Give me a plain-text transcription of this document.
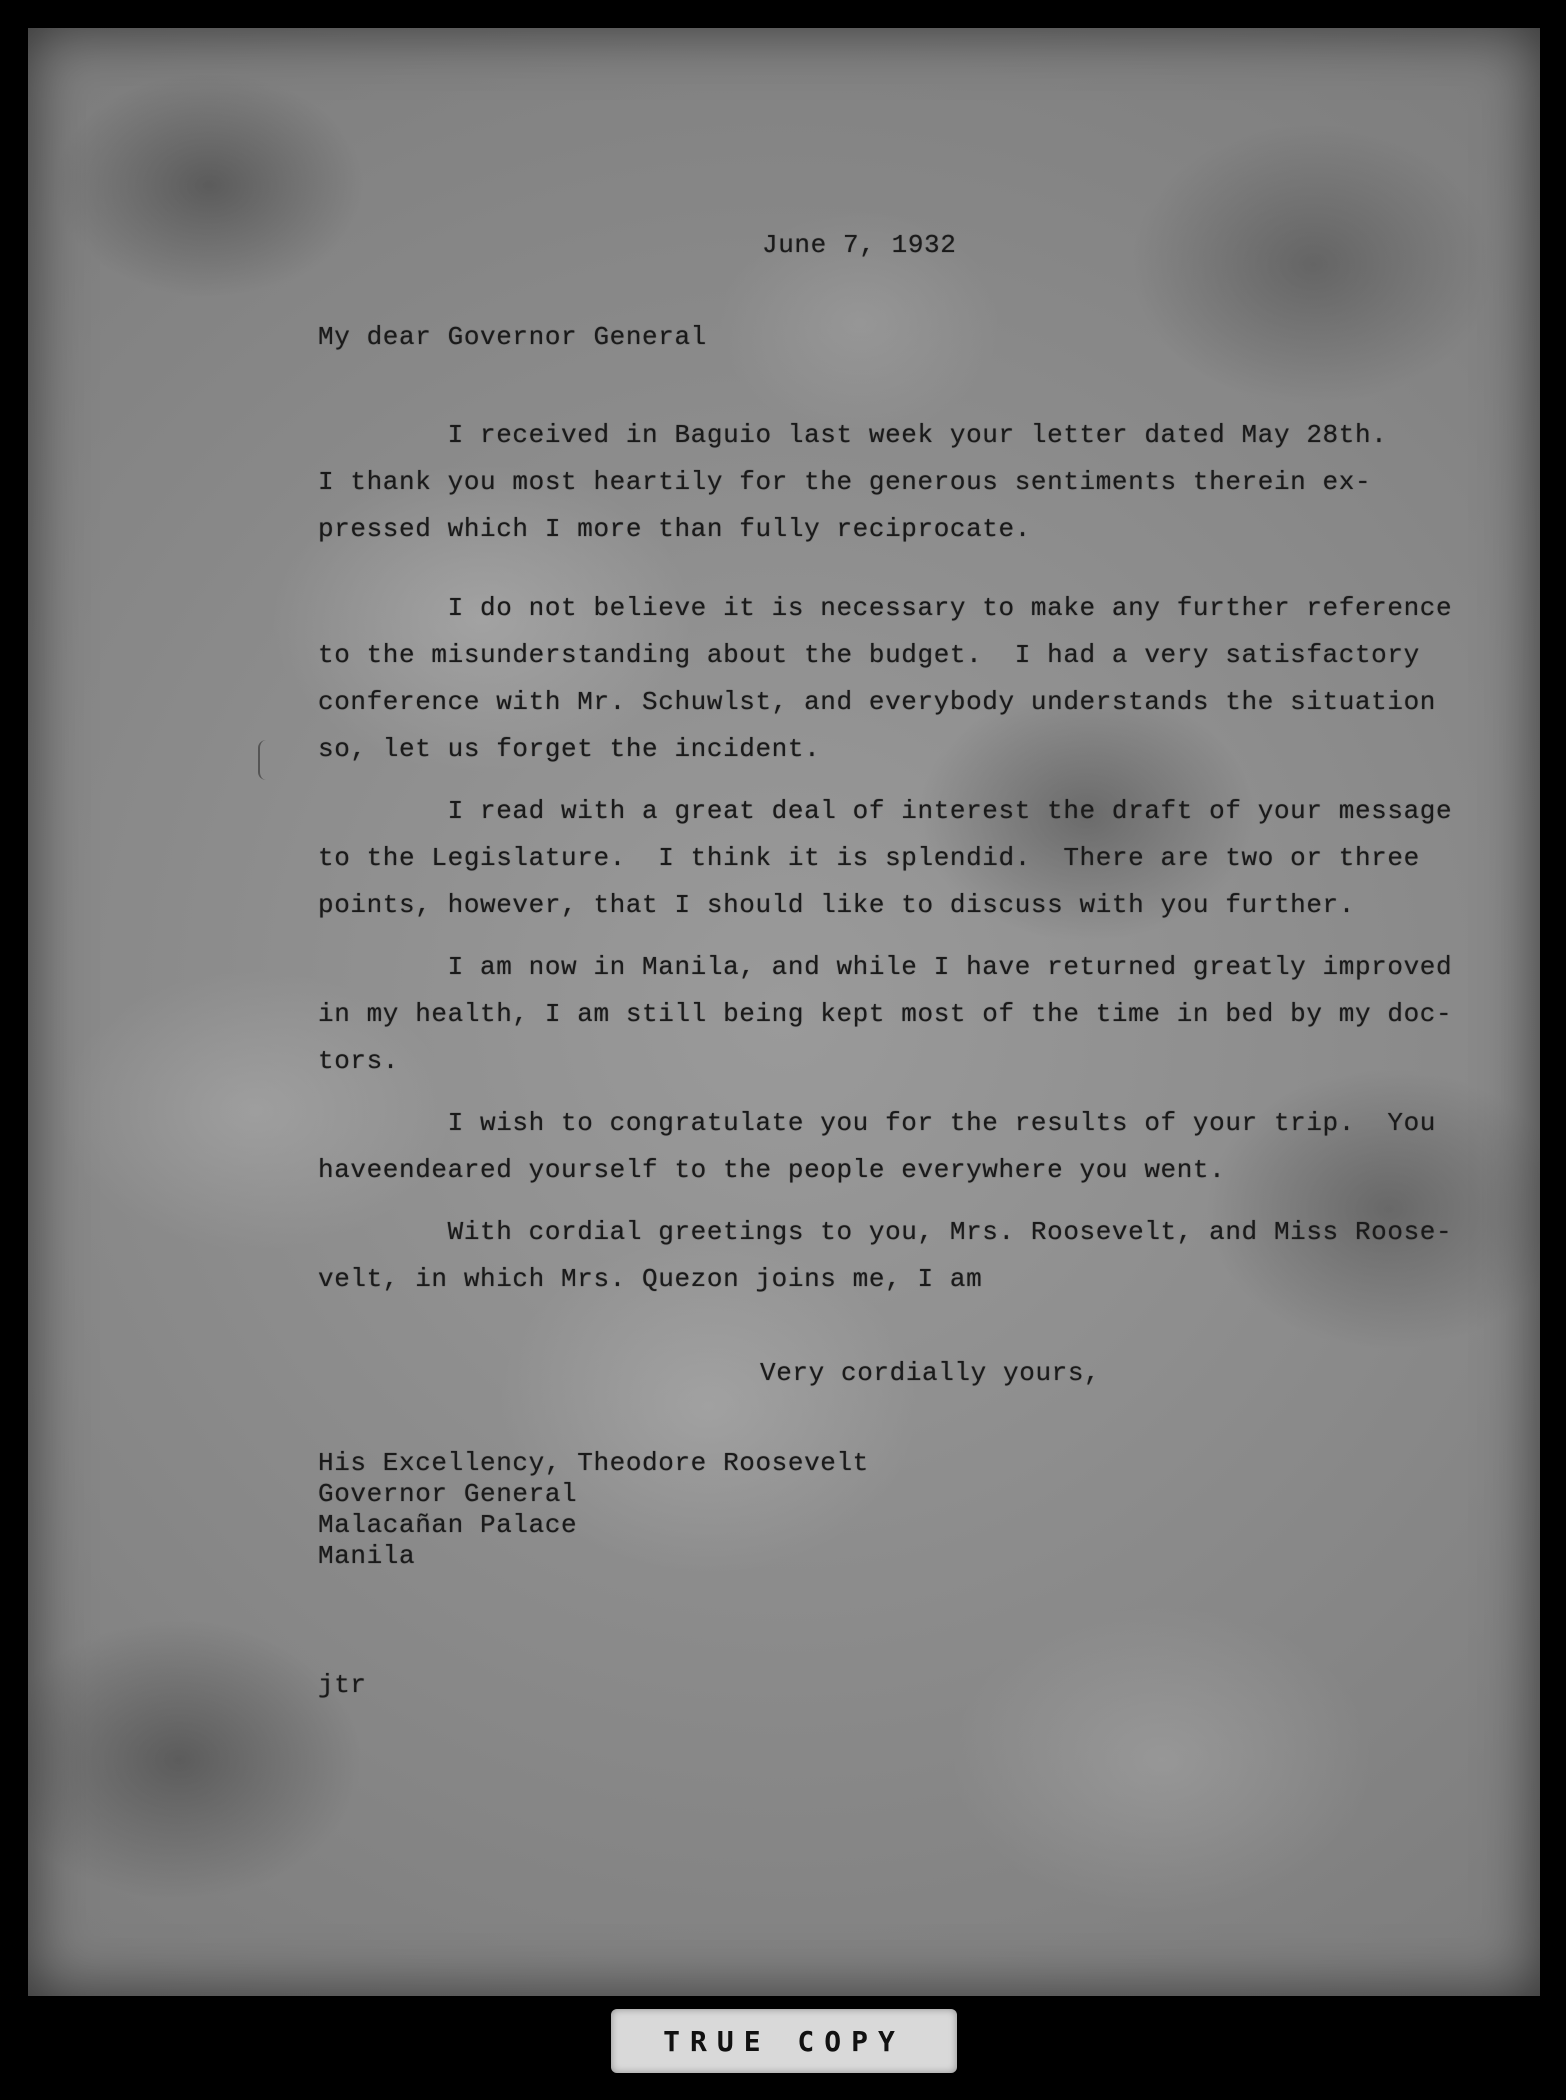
June 7, 1932
My dear Governor General
I received in Baguio last week your letter dated May 28th.
I thank you most heartily for the generous sentiments therein ex-
pressed which I more than fully reciprocate.
I do not believe it is necessary to make any further reference
to the misunderstanding about the budget.  I had a very satisfactory
conference with Mr. Schuwlst, and everybody understands the situation
so, let us forget the incident.
I read with a great deal of interest the draft of your message
to the Legislature.  I think it is splendid.  There are two or three
points, however, that I should like to discuss with you further.
I am now in Manila, and while I have returned greatly improved
in my health, I am still being kept most of the time in bed by my doc-
tors.
I wish to congratulate you for the results of your trip.  You
haveendeared yourself to the people everywhere you went.
With cordial greetings to you, Mrs. Roosevelt, and Miss Roose-
velt, in which Mrs. Quezon joins me, I am
Very cordially yours,
His Excellency, Theodore Roosevelt
Governor General
Malacañan Palace
Manila
jtr
TRUE COPY
